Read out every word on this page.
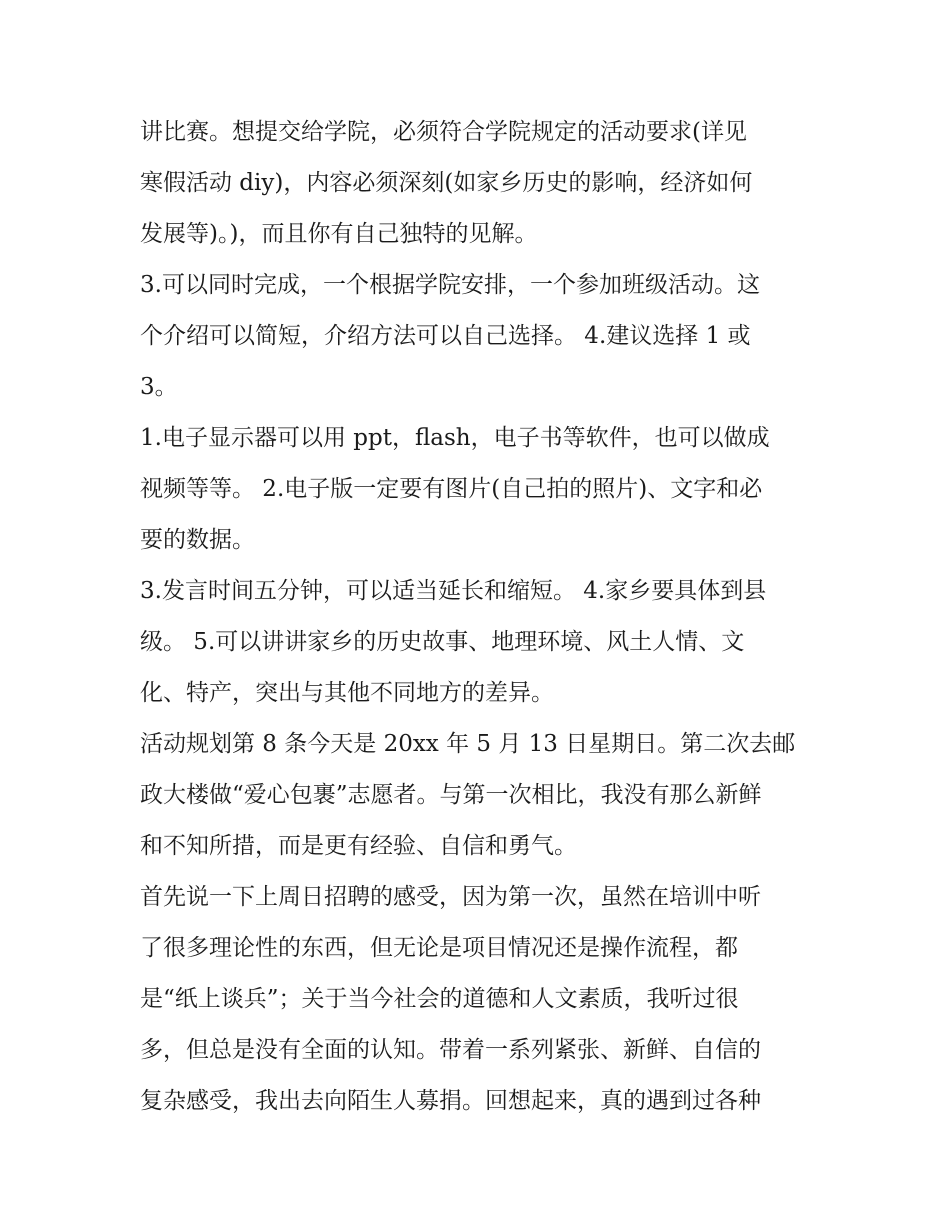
讲比赛。想提交给学院，必须符合学院规定的活动要求(详见
寒假活动 diy)，内容必须深刻(如家乡历史的影响，经济如何
发展等)。)，而且你有自己独特的见解。
3.可以同时完成，一个根据学院安排，一个参加班级活动。这
个介绍可以简短，介绍方法可以自己选择。 4.建议选择 1 或
3。
1.电子显示器可以用 ppt，flash，电子书等软件，也可以做成
视频等等。 2.电子版一定要有图片(自己拍的照片)、文字和必
要的数据。
3.发言时间五分钟，可以适当延长和缩短。 4.家乡要具体到县
级。 5.可以讲讲家乡的历史故事、地理环境、风土人情、文
化、特产，突出与其他不同地方的差异。
活动规划第 8 条今天是 20xx 年 5 月 13 日星期日。第二次去邮
政大楼做“爱心包裹”志愿者。与第一次相比，我没有那么新鲜
和不知所措，而是更有经验、自信和勇气。
首先说一下上周日招聘的感受，因为第一次，虽然在培训中听
了很多理论性的东西，但无论是项目情况还是操作流程，都
是“纸上谈兵”；关于当今社会的道德和人文素质，我听过很
多，但总是没有全面的认知。带着一系列紧张、新鲜、自信的
复杂感受，我出去向陌生人募捐。回想起来，真的遇到过各种
